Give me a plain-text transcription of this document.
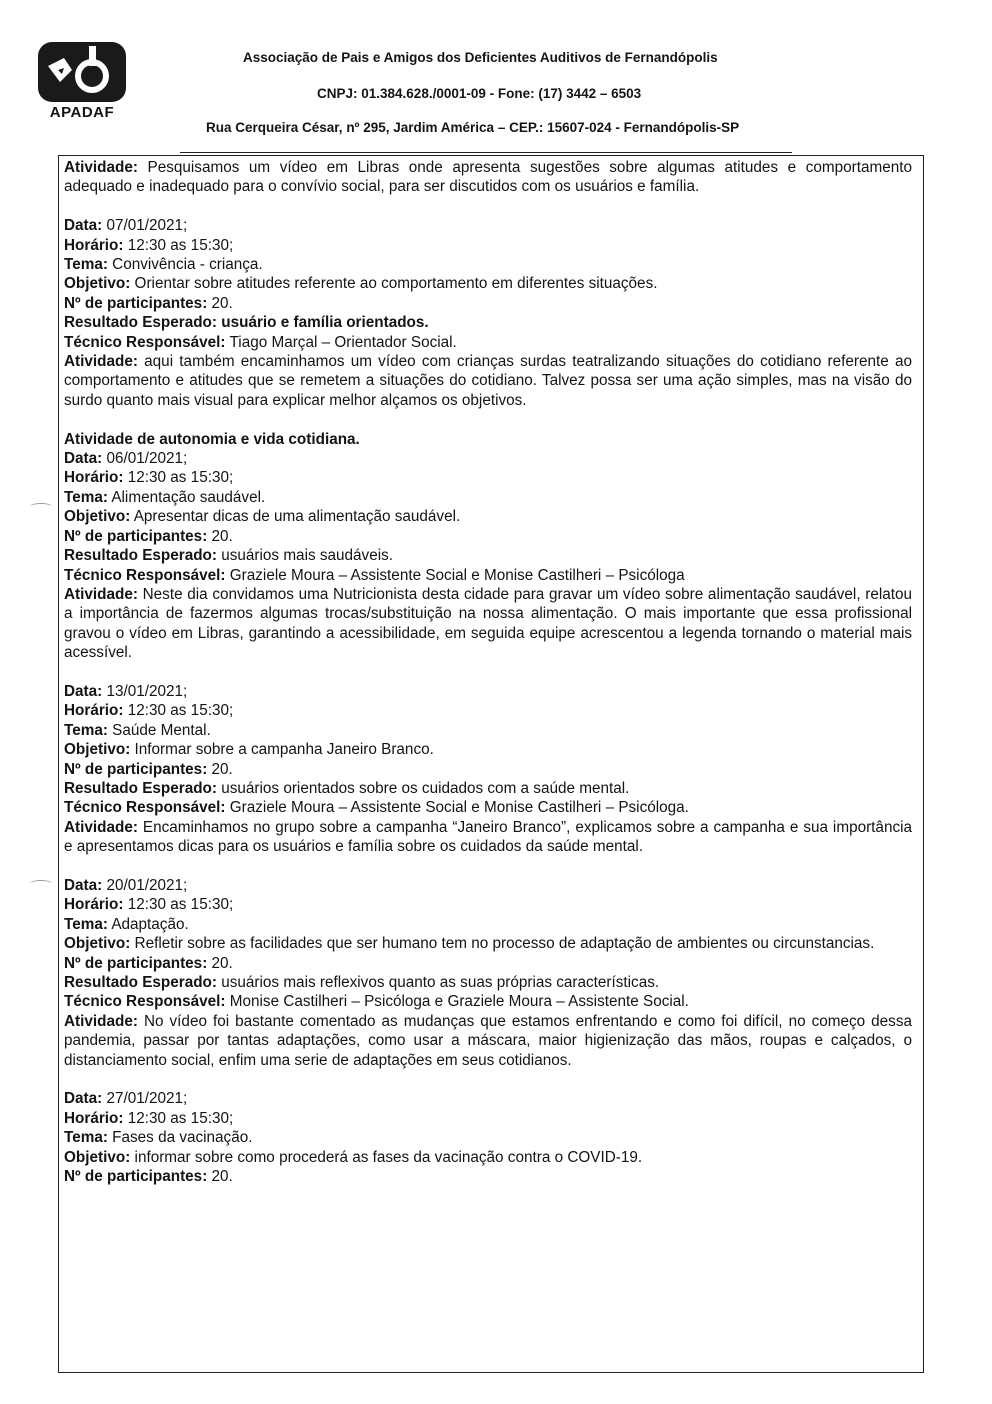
APADAF
Associação de Pais e Amigos dos Deficientes Auditivos de Fernandópolis
CNPJ: 01.384.628./0001-09 - Fone: (17) 3442 – 6503
Rua Cerqueira César, nº 295, Jardim América – CEP.: 15607-024 - Fernandópolis-SP

Atividade: Pesquisamos um vídeo em Libras onde apresenta sugestões sobre algumas atitudes e comportamento adequado e inadequado para o convívio social, para ser discutidos com os usuários e família.

Data: 07/01/2021;

Horário: 12:30 as 15:30;

Tema: Convivência - criança.

Objetivo: Orientar sobre atitudes referente ao comportamento em diferentes situações.

Nº de participantes: 20.

Resultado Esperado: usuário e família orientados.

Técnico Responsável: Tiago Marçal – Orientador Social.

Atividade: aqui também encaminhamos um vídeo com crianças surdas teatralizando situações do cotidiano referente ao comportamento e atitudes que se remetem a situações do cotidiano. Talvez possa ser uma ação simples, mas na visão do surdo quanto mais visual para explicar melhor alçamos os objetivos.

Atividade de autonomia e vida cotidiana.

Data: 06/01/2021;

Horário: 12:30 as 15:30;

Tema: Alimentação saudável.

Objetivo: Apresentar dicas de uma alimentação saudável.

Nº de participantes: 20.

Resultado Esperado: usuários mais saudáveis.

Técnico Responsável: Graziele Moura – Assistente Social e Monise Castilheri – Psicóloga

Atividade: Neste dia convidamos uma Nutricionista desta cidade para gravar um vídeo sobre alimentação saudável, relatou a importância de fazermos algumas trocas/substituição na nossa alimentação. O mais importante que essa profissional gravou o vídeo em Libras, garantindo a acessibilidade, em seguida equipe acrescentou a legenda tornando o material mais acessível.

Data: 13/01/2021;

Horário: 12:30 as 15:30;

Tema: Saúde Mental.

Objetivo: Informar sobre a campanha Janeiro Branco.

Nº de participantes: 20.

Resultado Esperado: usuários orientados sobre os cuidados com a saúde mental.

Técnico Responsável: Graziele Moura – Assistente Social e Monise Castilheri – Psicóloga.

Atividade: Encaminhamos no grupo sobre a campanha “Janeiro Branco”, explicamos sobre a campanha e sua importância e apresentamos dicas para os usuários e família sobre os cuidados da saúde mental.

Data: 20/01/2021;

Horário: 12:30 as 15:30;

Tema: Adaptação.

Objetivo: Refletir sobre as facilidades que ser humano tem no processo de adaptação de ambientes ou circunstancias.

Nº de participantes: 20.

Resultado Esperado: usuários mais reflexivos quanto as suas próprias características.

Técnico Responsável: Monise Castilheri – Psicóloga e Graziele Moura – Assistente Social.

Atividade: No vídeo foi bastante comentado as mudanças que estamos enfrentando e como foi difícil, no começo dessa pandemia, passar por tantas adaptações, como usar a máscara, maior higienização das mãos, roupas e calçados, o distanciamento social, enfim uma serie de adaptações em seus cotidianos.

Data: 27/01/2021;

Horário: 12:30 as 15:30;

Tema: Fases da vacinação.

Objetivo: informar sobre como procederá as fases da vacinação contra o COVID-19.

Nº de participantes: 20.
